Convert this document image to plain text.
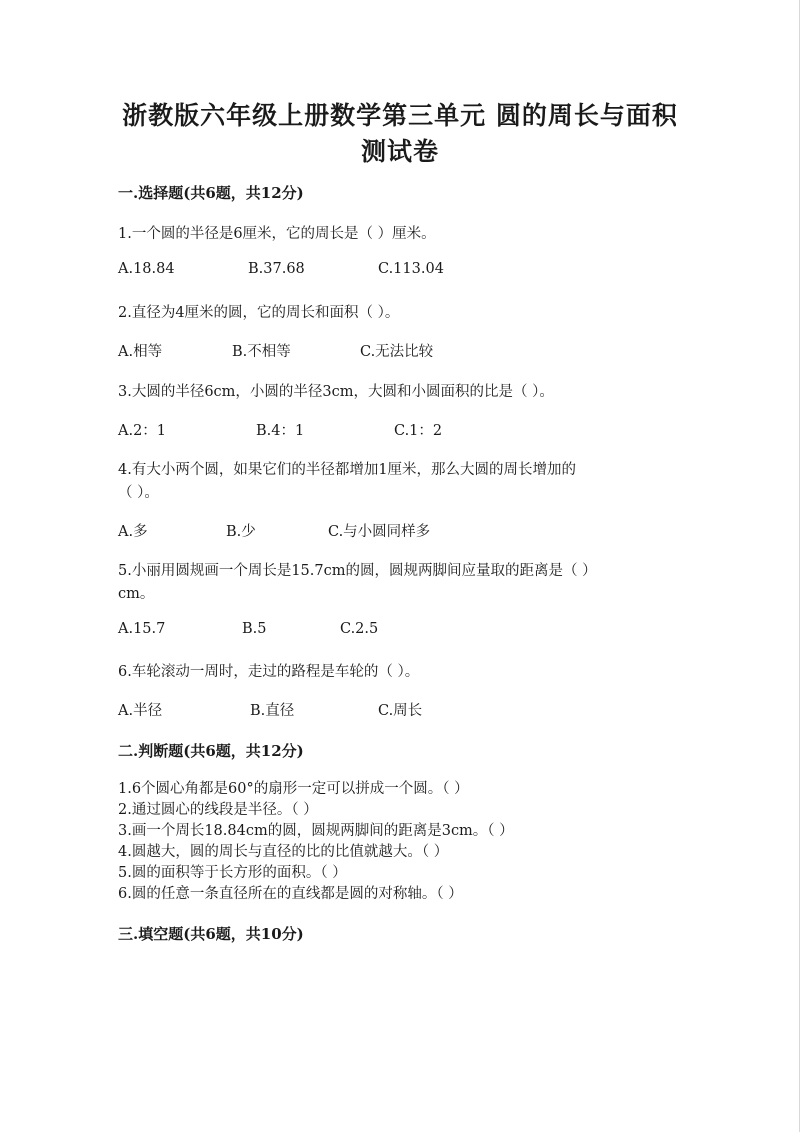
浙教版六年级上册数学第三单元 圆的周长与面积
测试卷
一.选择题(共6题，共12分)
1.一个圆的半径是6厘米，它的周长是（ ）厘米。
A.18.84	B.37.68	C.113.04
2.直径为4厘米的圆，它的周长和面积（ ）。
A.相等	B.不相等	C.无法比较
3.大圆的半径6cm，小圆的半径3cm，大圆和小圆面积的比是（ ）。
A.2：1	B.4：1	C.1：2
4.有大小两个圆，如果它们的半径都增加1厘米，那么大圆的周长增加的
（ ）。
A.多	B.少	C.与小圆同样多
5.小丽用圆规画一个周长是15.7cm的圆，圆规两脚间应量取的距离是（ ）
cm。
A.15.7	B.5	C.2.5
6.车轮滚动一周时，走过的路程是车轮的（ ）。
A.半径	B.直径	C.周长
二.判断题(共6题，共12分)
1.6个圆心角都是60°的扇形一定可以拼成一个圆。（ ）
2.通过圆心的线段是半径。（ ）
3.画一个周长18.84cm的圆，圆规两脚间的距离是3cm。（ ）
4.圆越大，圆的周长与直径的比的比值就越大。（ ）
5.圆的面积等于长方形的面积。（ ）
6.圆的任意一条直径所在的直线都是圆的对称轴。（ ）
三.填空题(共6题，共10分)
